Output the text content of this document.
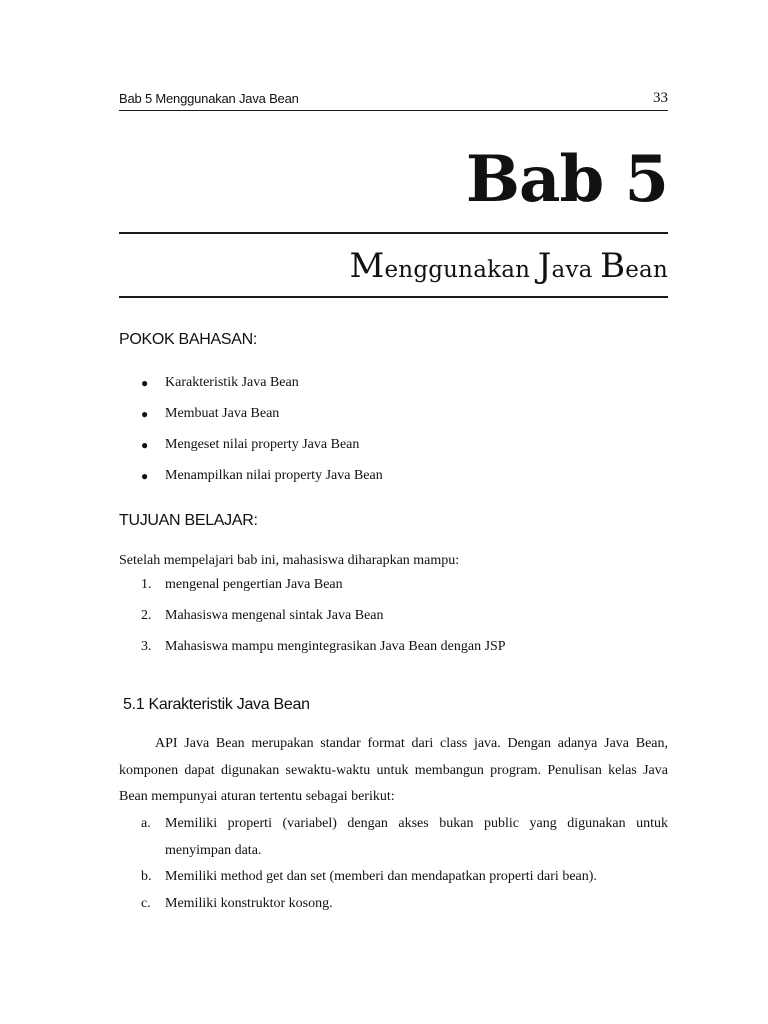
Bab 5 Menggunakan Java Bean	33
Bab 5
Menggunakan Java Bean
POKOK BAHASAN:
● Karakteristik Java Bean
● Membuat Java Bean
● Mengeset nilai property Java Bean
● Menampilkan nilai property Java Bean
TUJUAN BELAJAR:
Setelah mempelajari bab ini, mahasiswa diharapkan mampu:
1. mengenal pengertian Java Bean
2. Mahasiswa mengenal sintak Java Bean
3. Mahasiswa mampu mengintegrasikan Java Bean dengan JSP
5.1 Karakteristik Java Bean

API Java Bean merupakan standar format dari class java. Dengan adanya Java Bean, komponen dapat digunakan sewaktu-waktu untuk membangun program. Penulisan kelas Java Bean mempunyai aturan tertentu sebagai berikut:

a. Memiliki properti (variabel) dengan akses bukan public yang digunakan untuk menyimpan data.
b. Memiliki method get dan set (memberi dan mendapatkan properti dari bean).
c. Memiliki konstruktor kosong.
